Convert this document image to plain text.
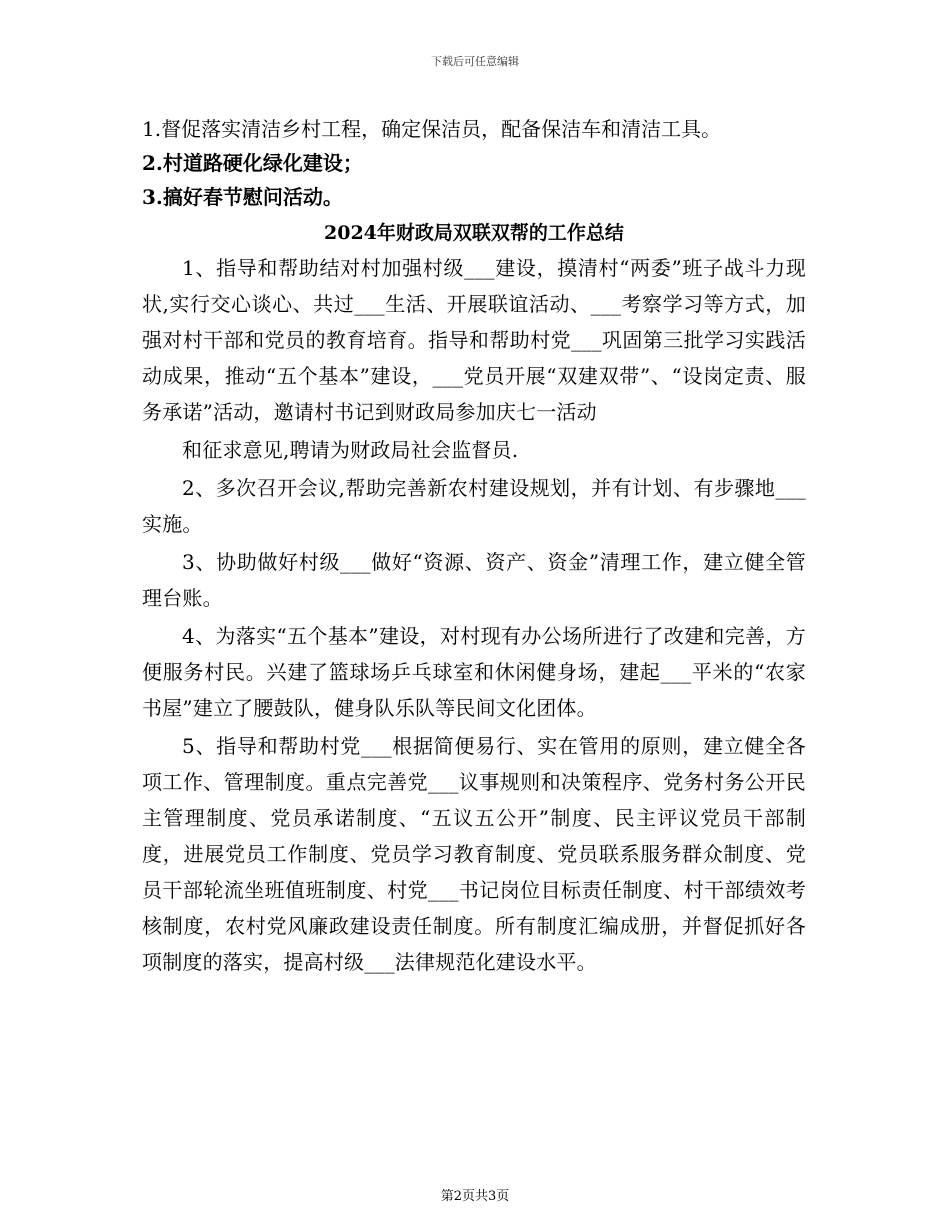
下载后可任意编辑
1.督促落实清洁乡村工程，确定保洁员，配备保洁车和清洁工具。
2.村道路硬化绿化建设；
3.搞好春节慰问活动。
2024年财政局双联双帮的工作总结

1、指导和帮助结对村加强村级___建设，摸清村“两委”班子战斗力现状,实行交心谈心、共过___生活、开展联谊活动、___考察学习等方式，加强对村干部和党员的教育培育。指导和帮助村党___巩固第三批学习实践活动成果，推动“五个基本”建设，___党员开展“双建双带”、“设岗定责、服务承诺”活动，邀请村书记到财政局参加庆七一活动

和征求意见,聘请为财政局社会监督员.

2、多次召开会议,帮助完善新农村建设规划，并有计划、有步骤地___实施。

3、协助做好村级___做好“资源、资产、资金”清理工作，建立健全管理台账。

4、为落实“五个基本”建设，对村现有办公场所进行了改建和完善，方便服务村民。兴建了篮球场乒乓球室和休闲健身场，建起___平米的“农家书屋”建立了腰鼓队，健身队乐队等民间文化团体。

5、指导和帮助村党___根据简便易行、实在管用的原则，建立健全各项工作、管理制度。重点完善党___议事规则和决策程序、党务村务公开民主管理制度、党员承诺制度、“五议五公开”制度、民主评议党员干部制度，进展党员工作制度、党员学习教育制度、党员联系服务群众制度、党员干部轮流坐班值班制度、村党___书记岗位目标责任制度、村干部绩效考核制度，农村党风廉政建设责任制度。所有制度汇编成册，并督促抓好各项制度的落实，提高村级___法律规范化建设水平。

第2页共3页
